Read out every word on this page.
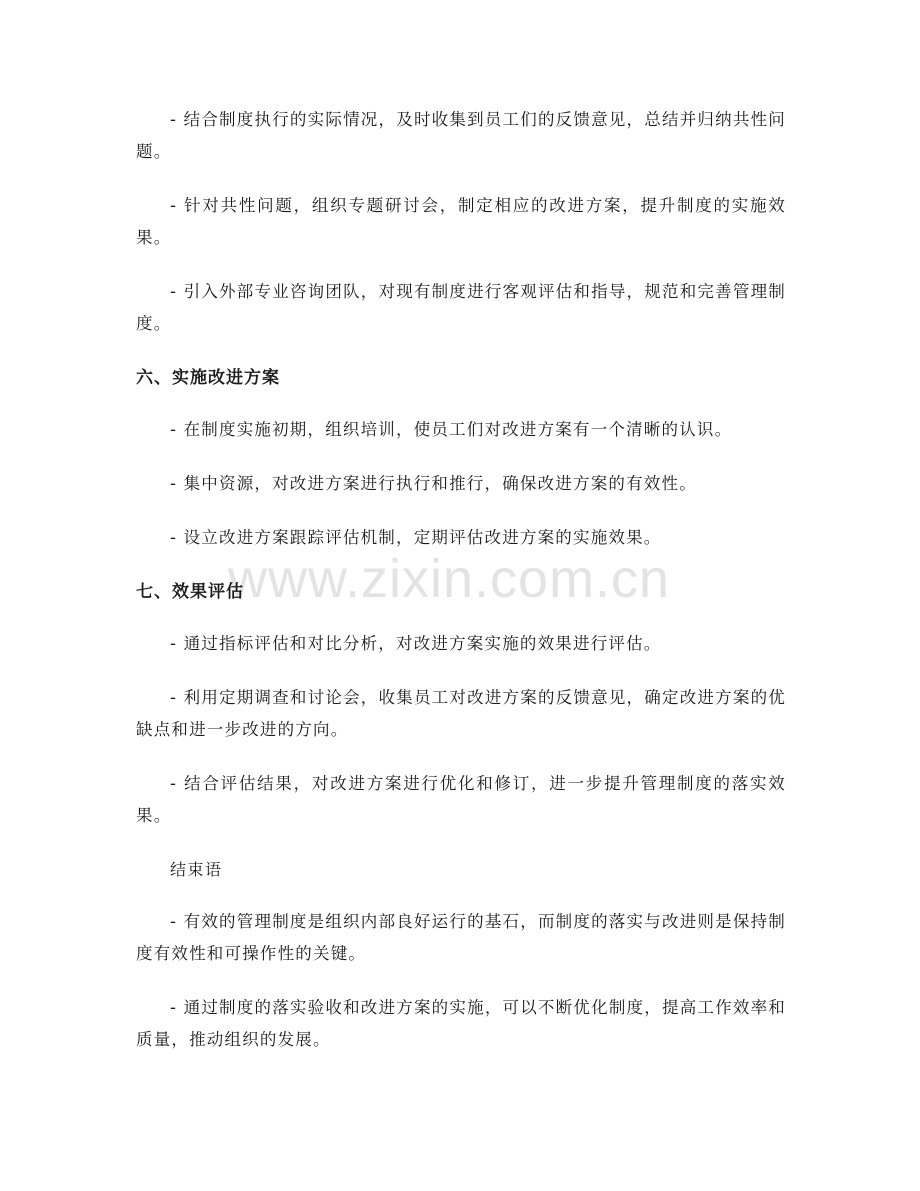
www.zixin.com.cn

- 结合制度执行的实际情况，及时收集到员工们的反馈意见，总结并归纳共性问题。

- 针对共性问题，组织专题研讨会，制定相应的改进方案，提升制度的实施效果。

- 引入外部专业咨询团队，对现有制度进行客观评估和指导，规范和完善管理制度。

六、实施改进方案

- 在制度实施初期，组织培训，使员工们对改进方案有一个清晰的认识。

- 集中资源，对改进方案进行执行和推行，确保改进方案的有效性。

- 设立改进方案跟踪评估机制，定期评估改进方案的实施效果。

七、效果评估

- 通过指标评估和对比分析，对改进方案实施的效果进行评估。

- 利用定期调查和讨论会，收集员工对改进方案的反馈意见，确定改进方案的优缺点和进一步改进的方向。

- 结合评估结果，对改进方案进行优化和修订，进一步提升管理制度的落实效果。

结束语

- 有效的管理制度是组织内部良好运行的基石，而制度的落实与改进则是保持制度有效性和可操作性的关键。

- 通过制度的落实验收和改进方案的实施，可以不断优化制度，提高工作效率和质量，推动组织的发展。
